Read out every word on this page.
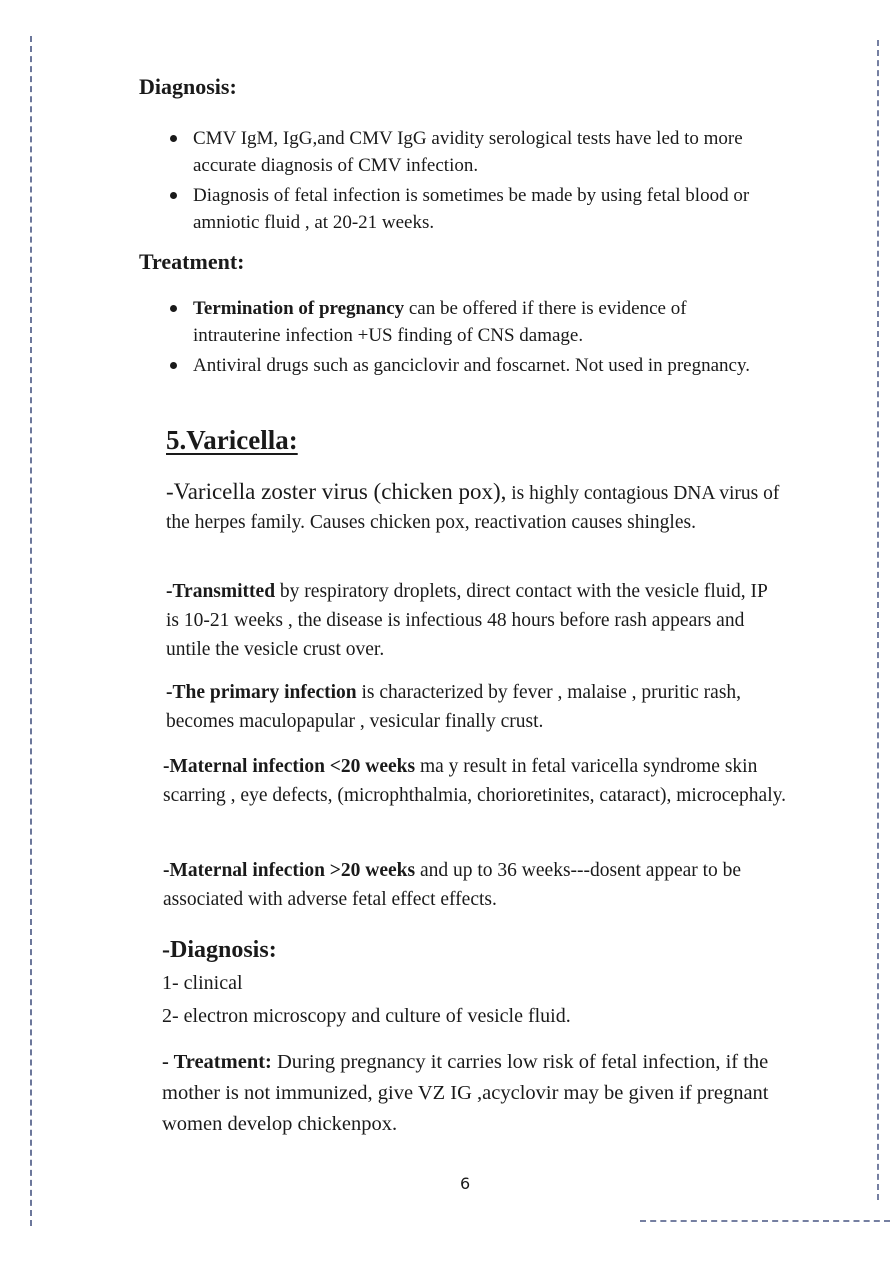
Diagnosis:
CMV IgM, IgG,and CMV IgG avidity serological tests have led to more accurate diagnosis of CMV infection.
Diagnosis of fetal infection is sometimes be made by using fetal blood or amniotic fluid , at 20-21 weeks.
Treatment:
Termination of pregnancy can be offered if there is evidence of intrauterine infection +US finding of CNS damage.
Antiviral drugs such as ganciclovir and foscarnet. Not used in pregnancy.
5.Varicella:

-Varicella zoster virus (chicken pox), is highly contagious DNA virus of the herpes family. Causes chicken pox, reactivation causes shingles.

-Transmitted by respiratory droplets, direct contact with the vesicle fluid, IP is 10-21 weeks , the disease is infectious 48 hours before rash appears and untile the vesicle crust over.

-The primary infection is characterized by fever , malaise , pruritic rash, becomes maculopapular , vesicular finally crust.

-Maternal infection <20 weeks ma y result in fetal varicella syndrome skin scarring , eye defects, (microphthalmia, chorioretinites, cataract), microcephaly.

-Maternal infection >20 weeks and up to 36 weeks---dosent appear to be associated with adverse fetal effect effects.

-Diagnosis:

1- clinical

2- electron microscopy and culture of vesicle fluid.

- Treatment: During pregnancy it carries low risk of fetal infection, if the mother is not immunized, give VZ IG ,acyclovir may be given if pregnant women develop chickenpox.

6
